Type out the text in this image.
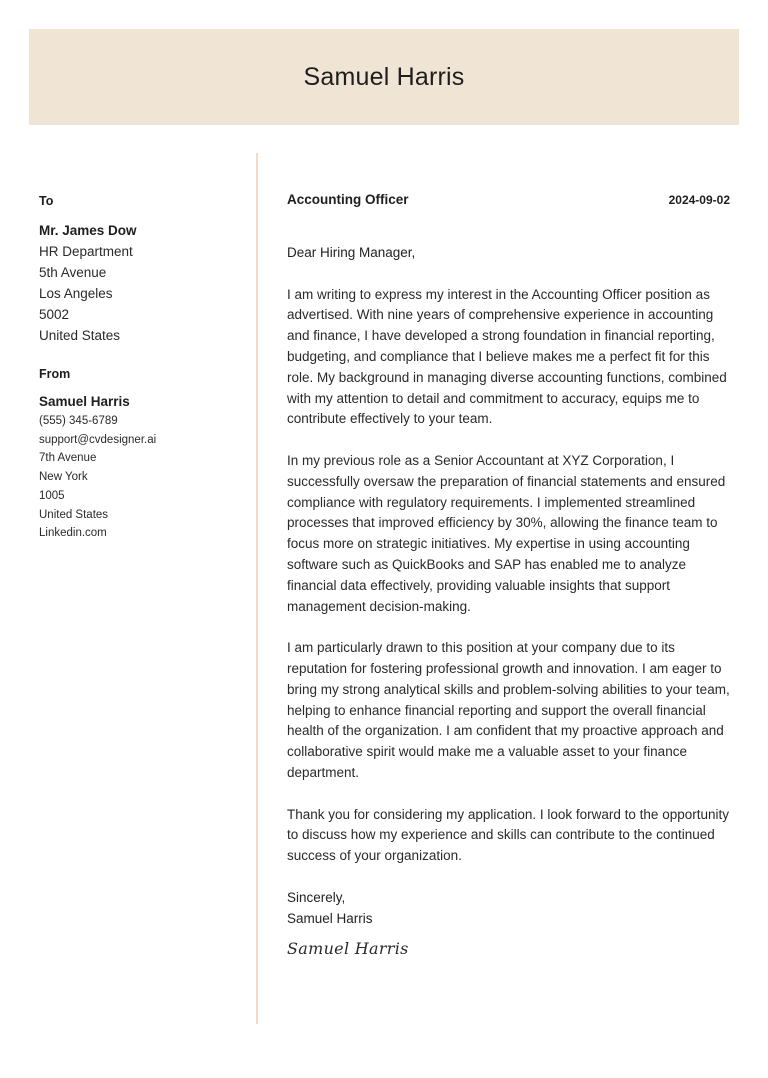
Samuel Harris
To
Mr. James Dow
HR Department
5th Avenue
Los Angeles
5002
United States
From
Samuel Harris
(555) 345-6789
support@cvdesigner.ai
7th Avenue
New York
1005
United States
Linkedin.com
Accounting Officer	2024-09-02
Dear Hiring Manager,
I am writing to express my interest in the Accounting Officer position as advertised. With nine years of comprehensive experience in accounting and finance, I have developed a strong foundation in financial reporting, budgeting, and compliance that I believe makes me a perfect fit for this role. My background in managing diverse accounting functions, combined with my attention to detail and commitment to accuracy, equips me to contribute effectively to your team.
In my previous role as a Senior Accountant at XYZ Corporation, I successfully oversaw the preparation of financial statements and ensured compliance with regulatory requirements. I implemented streamlined processes that improved efficiency by 30%, allowing the finance team to focus more on strategic initiatives. My expertise in using accounting software such as QuickBooks and SAP has enabled me to analyze financial data effectively, providing valuable insights that support management decision-making.
I am particularly drawn to this position at your company due to its reputation for fostering professional growth and innovation. I am eager to bring my strong analytical skills and problem-solving abilities to your team, helping to enhance financial reporting and support the overall financial health of the organization. I am confident that my proactive approach and collaborative spirit would make me a valuable asset to your finance department.
Thank you for considering my application. I look forward to the opportunity to discuss how my experience and skills can contribute to the continued success of your organization.
Sincerely,
Samuel Harris
Samuel Harris
